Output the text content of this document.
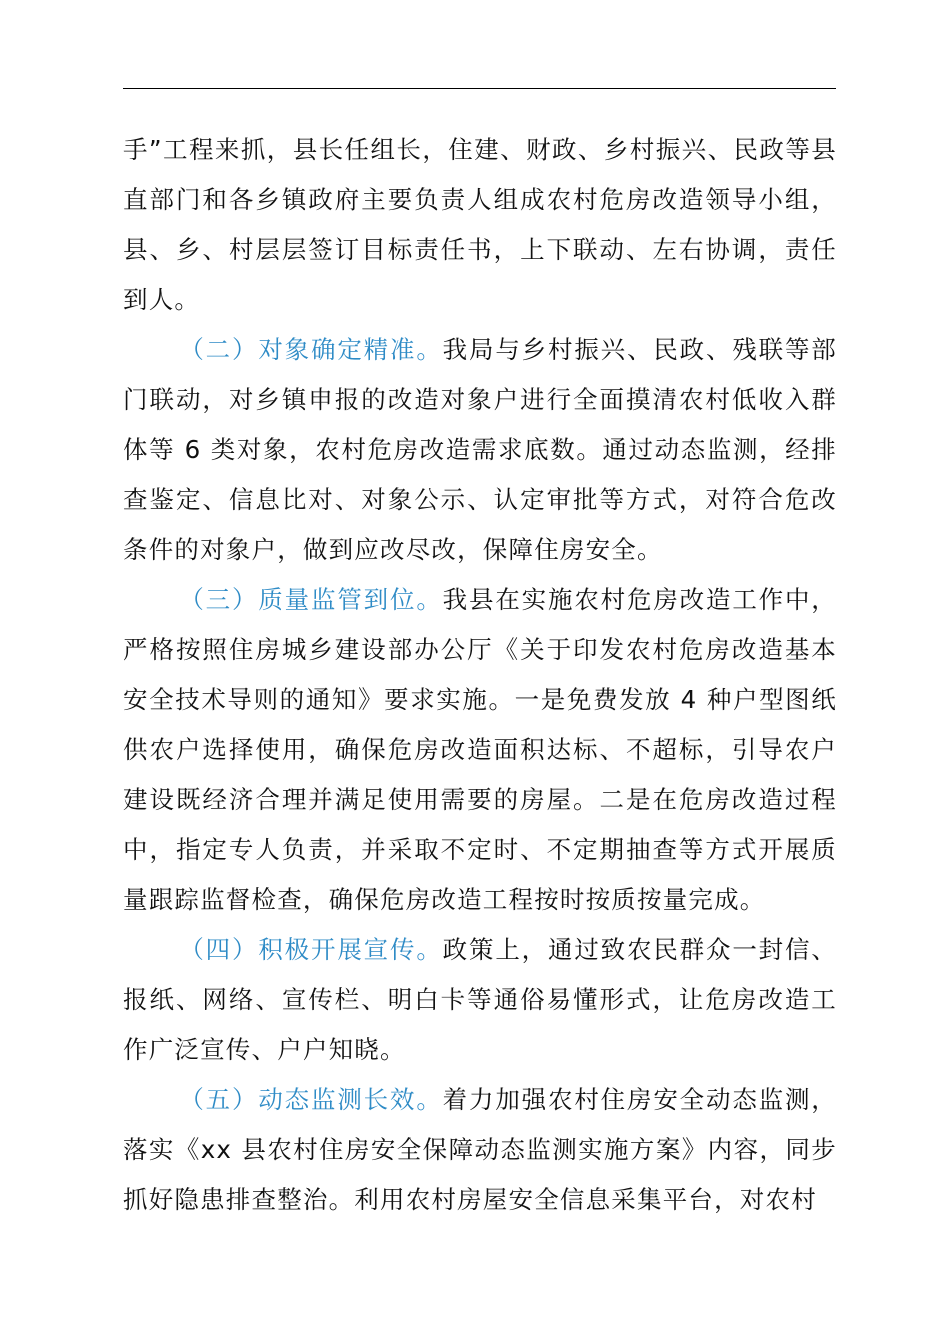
手”工程来抓，县长任组长，住建、财政、乡村振兴、民政等县直部门和各乡镇政府主要负责人组成农村危房改造领导小组，县、乡、村层层签订目标责任书，上下联动、左右协调，责任到人。

（二）对象确定精准。我局与乡村振兴、民政、残联等部门联动，对乡镇申报的改造对象户进行全面摸清农村低收入群体等 6 类对象，农村危房改造需求底数。通过动态监测，经排查鉴定、信息比对、对象公示、认定审批等方式，对符合危改条件的对象户，做到应改尽改，保障住房安全。

（三）质量监管到位。我县在实施农村危房改造工作中，严格按照住房城乡建设部办公厅《关于印发农村危房改造基本安全技术导则的通知》要求实施。一是免费发放 4 种户型图纸供农户选择使用，确保危房改造面积达标、不超标，引导农户建设既经济合理并满足使用需要的房屋。二是在危房改造过程中，指定专人负责，并采取不定时、不定期抽查等方式开展质量跟踪监督检查，确保危房改造工程按时按质按量完成。

（四）积极开展宣传。政策上，通过致农民群众一封信、报纸、网络、宣传栏、明白卡等通俗易懂形式，让危房改造工作广泛宣传、户户知晓。

（五）动态监测长效。着力加强农村住房安全动态监测，落实《xx 县农村住房安全保障动态监测实施方案》内容，同步抓好隐患排查整治。利用农村房屋安全信息采集平台，对农村
